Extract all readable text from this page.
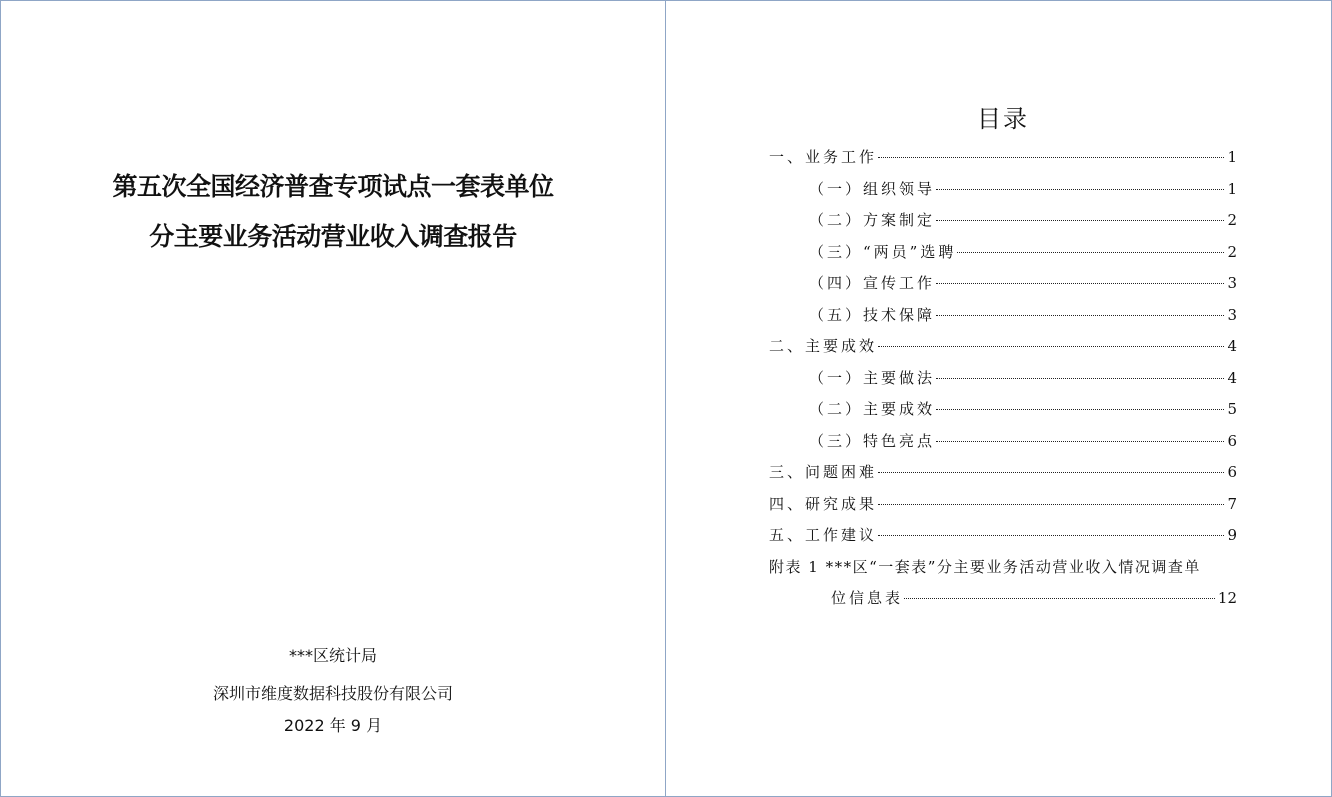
第五次全国经济普查专项试点一套表单位
分主要业务活动营业收入调查报告
***区统计局
深圳市维度数据科技股份有限公司
2022 年 9 月
目录
一、业务工作	1
（一）组织领导	1
（二）方案制定	2
（三）“两员”选聘	2
（四）宣传工作	3
（五）技术保障	3
二、主要成效	4
（一）主要做法	4
（二）主要成效	5
（三）特色亮点	6
三、问题困难	6
四、研究成果	7
五、工作建议	9
附表 1 ***区“一套表”分主要业务活动营业收入情况调查单
位信息表	12
